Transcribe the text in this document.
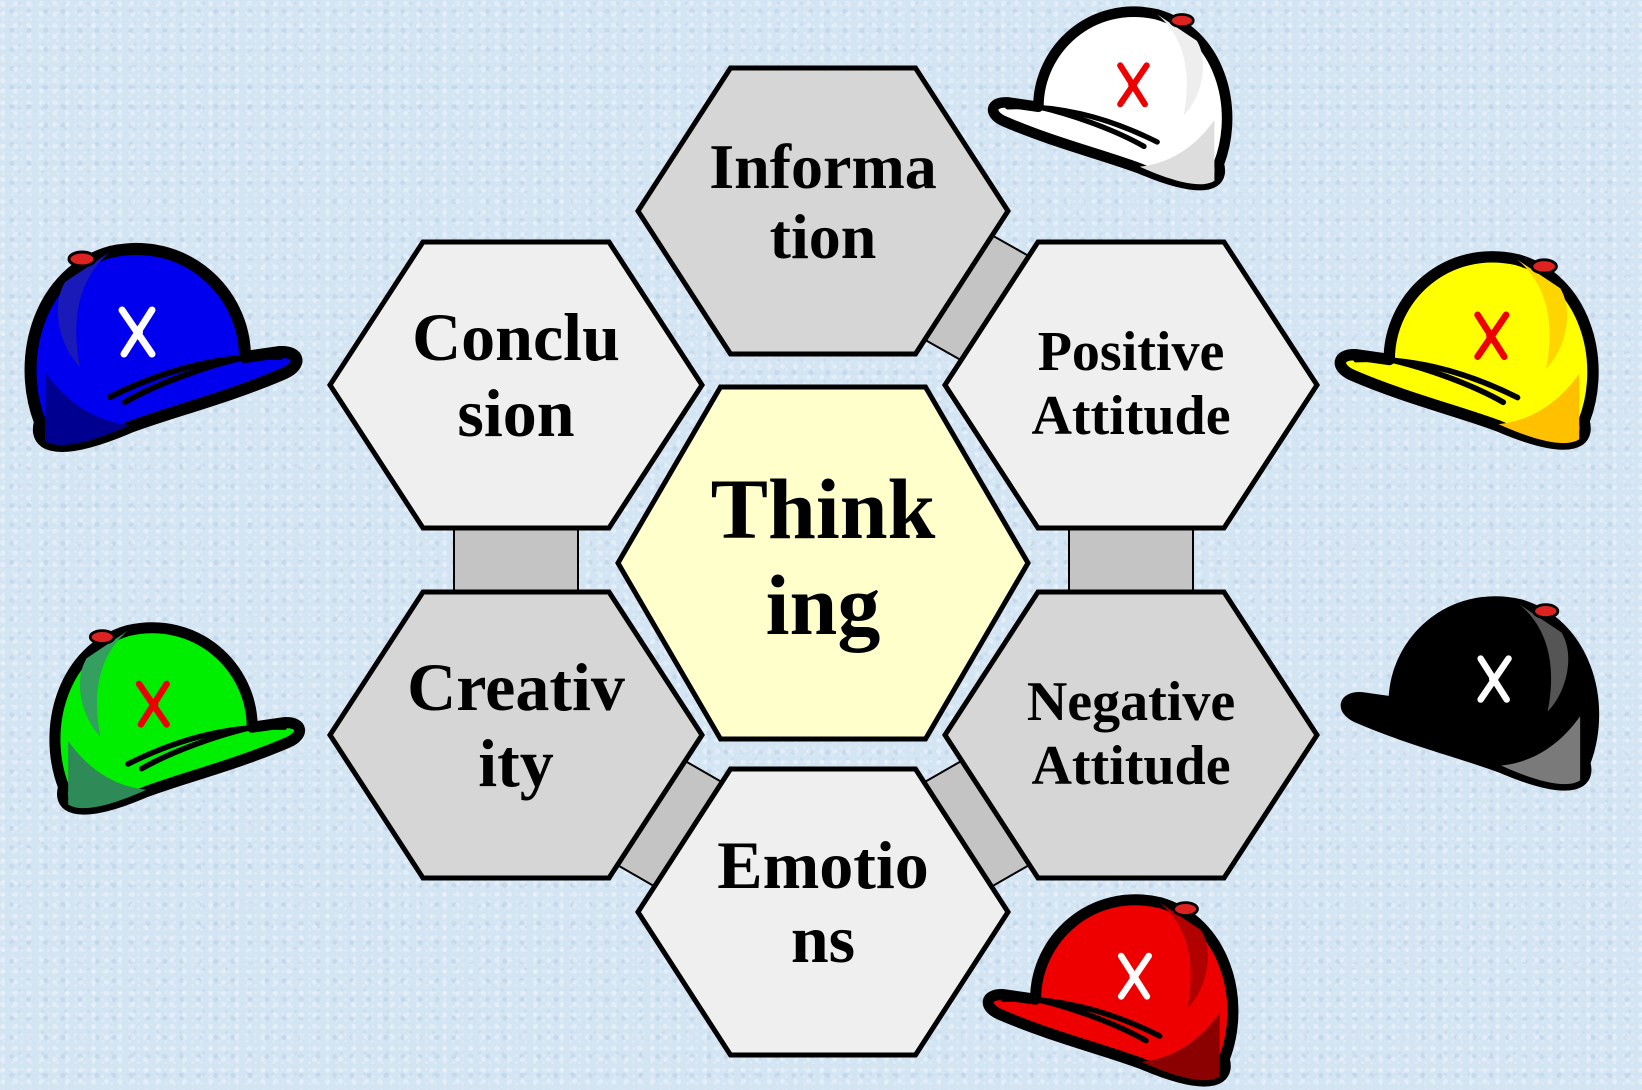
Informa
tion
Positive
Attitude
Negative
Attitude
Emotio
ns
Creativ
ity
Conclu
sion
Think
ing
